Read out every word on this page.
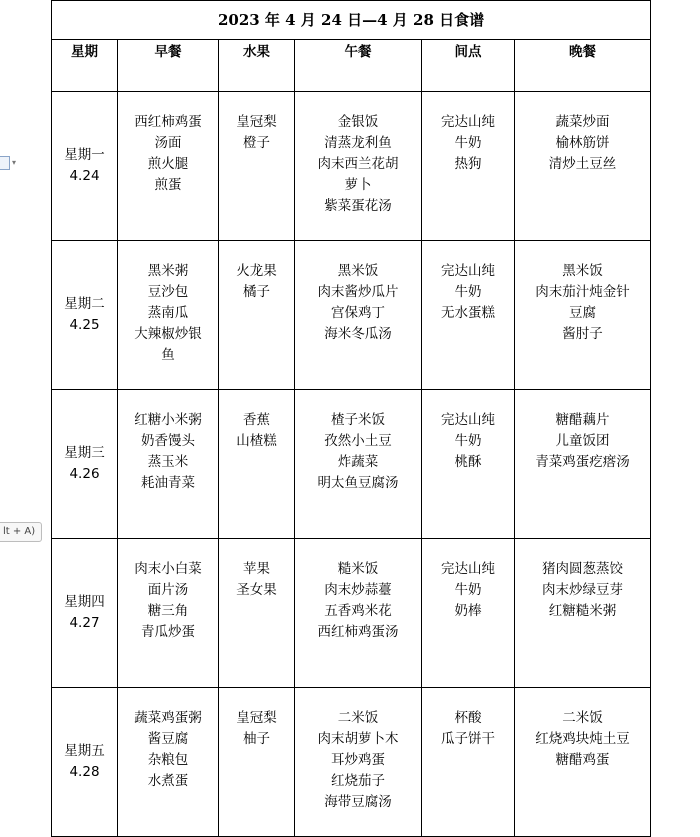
▾
lt + A)
2023 年 4 月 24 日—4 月 28 日食谱					
星期	早餐	水果	午餐	间点	晚餐

星期一
4.24	西红柿鸡蛋
汤面
煎火腿
煎蛋	皇冠梨
橙子	金银饭
清蒸龙利鱼
肉末西兰花胡
萝卜
紫菜蛋花汤	完达山纯
牛奶
热狗	蔬菜炒面
榆林筋饼
清炒土豆丝

星期二
4.25	黑米粥
豆沙包
蒸南瓜
大辣椒炒银
鱼	火龙果
橘子	黑米饭
肉末酱炒瓜片
宫保鸡丁
海米冬瓜汤	完达山纯
牛奶
无水蛋糕	黑米饭
肉末茄汁炖金针
豆腐
酱肘子

星期三
4.26	红糖小米粥
奶香馒头
蒸玉米
耗油青菜	香蕉
山楂糕	楂子米饭
孜然小土豆
炸蔬菜
明太鱼豆腐汤	完达山纯
牛奶
桃酥	糖醋藕片
儿童饭团
青菜鸡蛋疙瘩汤

星期四
4.27	肉末小白菜
面片汤
糖三角
青瓜炒蛋	苹果
圣女果	糙米饭
肉末炒蒜薹
五香鸡米花
西红柿鸡蛋汤	完达山纯
牛奶
奶棒	猪肉圆葱蒸饺
肉末炒绿豆芽
红糖糙米粥

星期五
4.28	蔬菜鸡蛋粥
酱豆腐
杂粮包
水煮蛋	皇冠梨
柚子	二米饭
肉末胡萝卜木
耳炒鸡蛋
红烧茄子
海带豆腐汤	杯酸
瓜子饼干	二米饭
红烧鸡块炖土豆
糖醋鸡蛋
